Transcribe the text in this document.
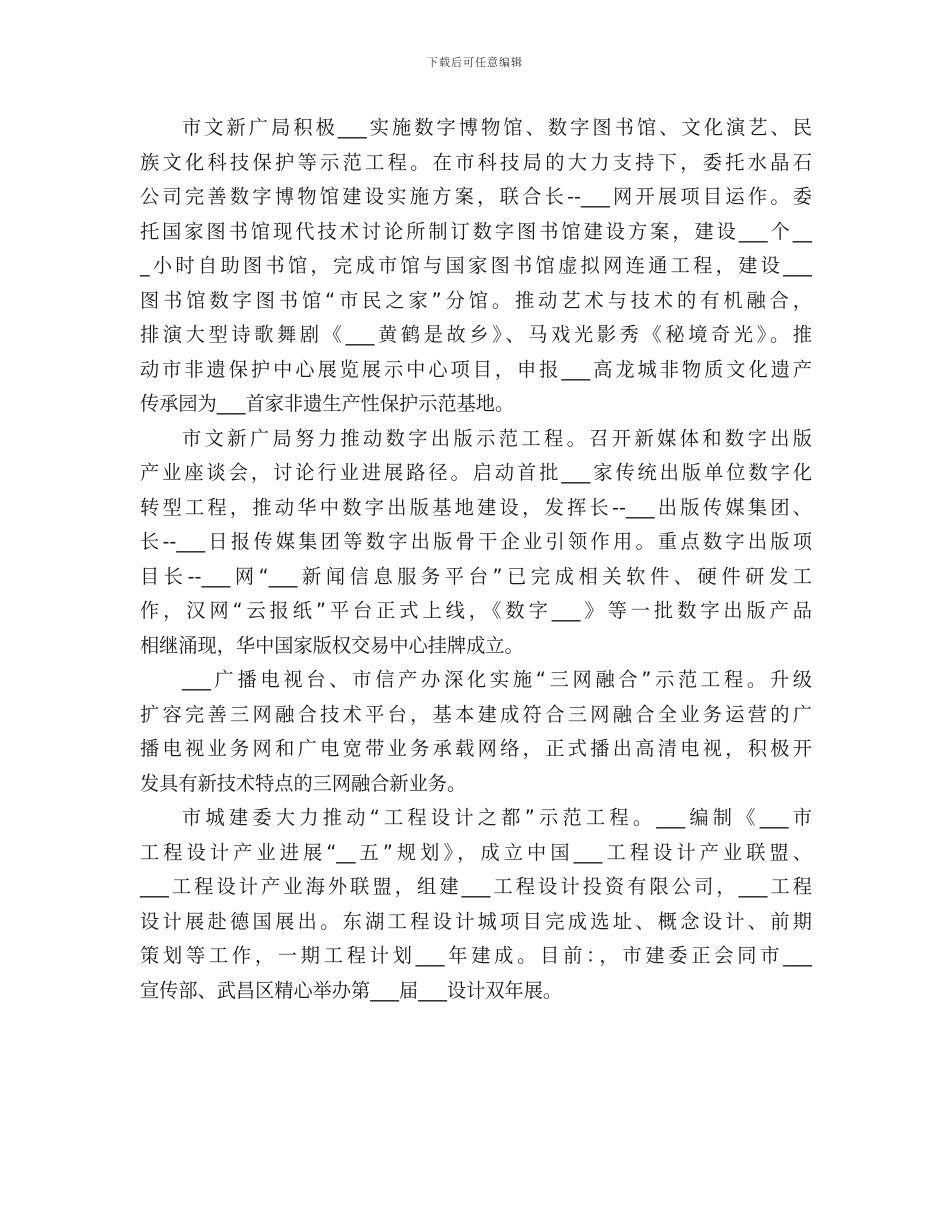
下载后可任意编辑
市文新广局积极___实施数字博物馆、数字图书馆、文化演艺、民
族文化科技保护等示范工程。在市科技局的大力支持下，委托水晶石
公司完善数字博物馆建设实施方案，联合长--___网开展项目运作。委
托国家图书馆现代技术讨论所制订数字图书馆建设方案，建设___个__
_小时自助图书馆，完成市馆与国家图书馆虚拟网连通工程，建设___
图书馆数字图书馆“市民之家”分馆。推动艺术与技术的有机融合，
排演大型诗歌舞剧《___黄鹤是故乡》、马戏光影秀《秘境奇光》。推
动市非遗保护中心展览展示中心项目，申报___高龙城非物质文化遗产
传承园为___首家非遗生产性保护示范基地。
市文新广局努力推动数字出版示范工程。召开新媒体和数字出版
产业座谈会，讨论行业进展路径。启动首批___家传统出版单位数字化
转型工程，推动华中数字出版基地建设，发挥长--___出版传媒集团、
长--___日报传媒集团等数字出版骨干企业引领作用。重点数字出版项
目长--___网“___新闻信息服务平台”已完成相关软件、硬件研发工
作，汉网“云报纸”平台正式上线，《数字___》等一批数字出版产品
相继涌现，华中国家版权交易中心挂牌成立。
___广播电视台、市信产办深化实施“三网融合”示范工程。升级
扩容完善三网融合技术平台，基本建成符合三网融合全业务运营的广
播电视业务网和广电宽带业务承载网络，正式播出高清电视，积极开
发具有新技术特点的三网融合新业务。
市城建委大力推动“工程设计之都”示范工程。___编制《___市
工程设计产业进展“__五”规划》，成立中国___工程设计产业联盟、
___工程设计产业海外联盟，组建___工程设计投资有限公司，___工程
设计展赴德国展出。东湖工程设计城项目完成选址、概念设计、前期
策划等工作，一期工程计划___年建成。目前：，市建委正会同市___
宣传部、武昌区精心举办第___届___设计双年展。
